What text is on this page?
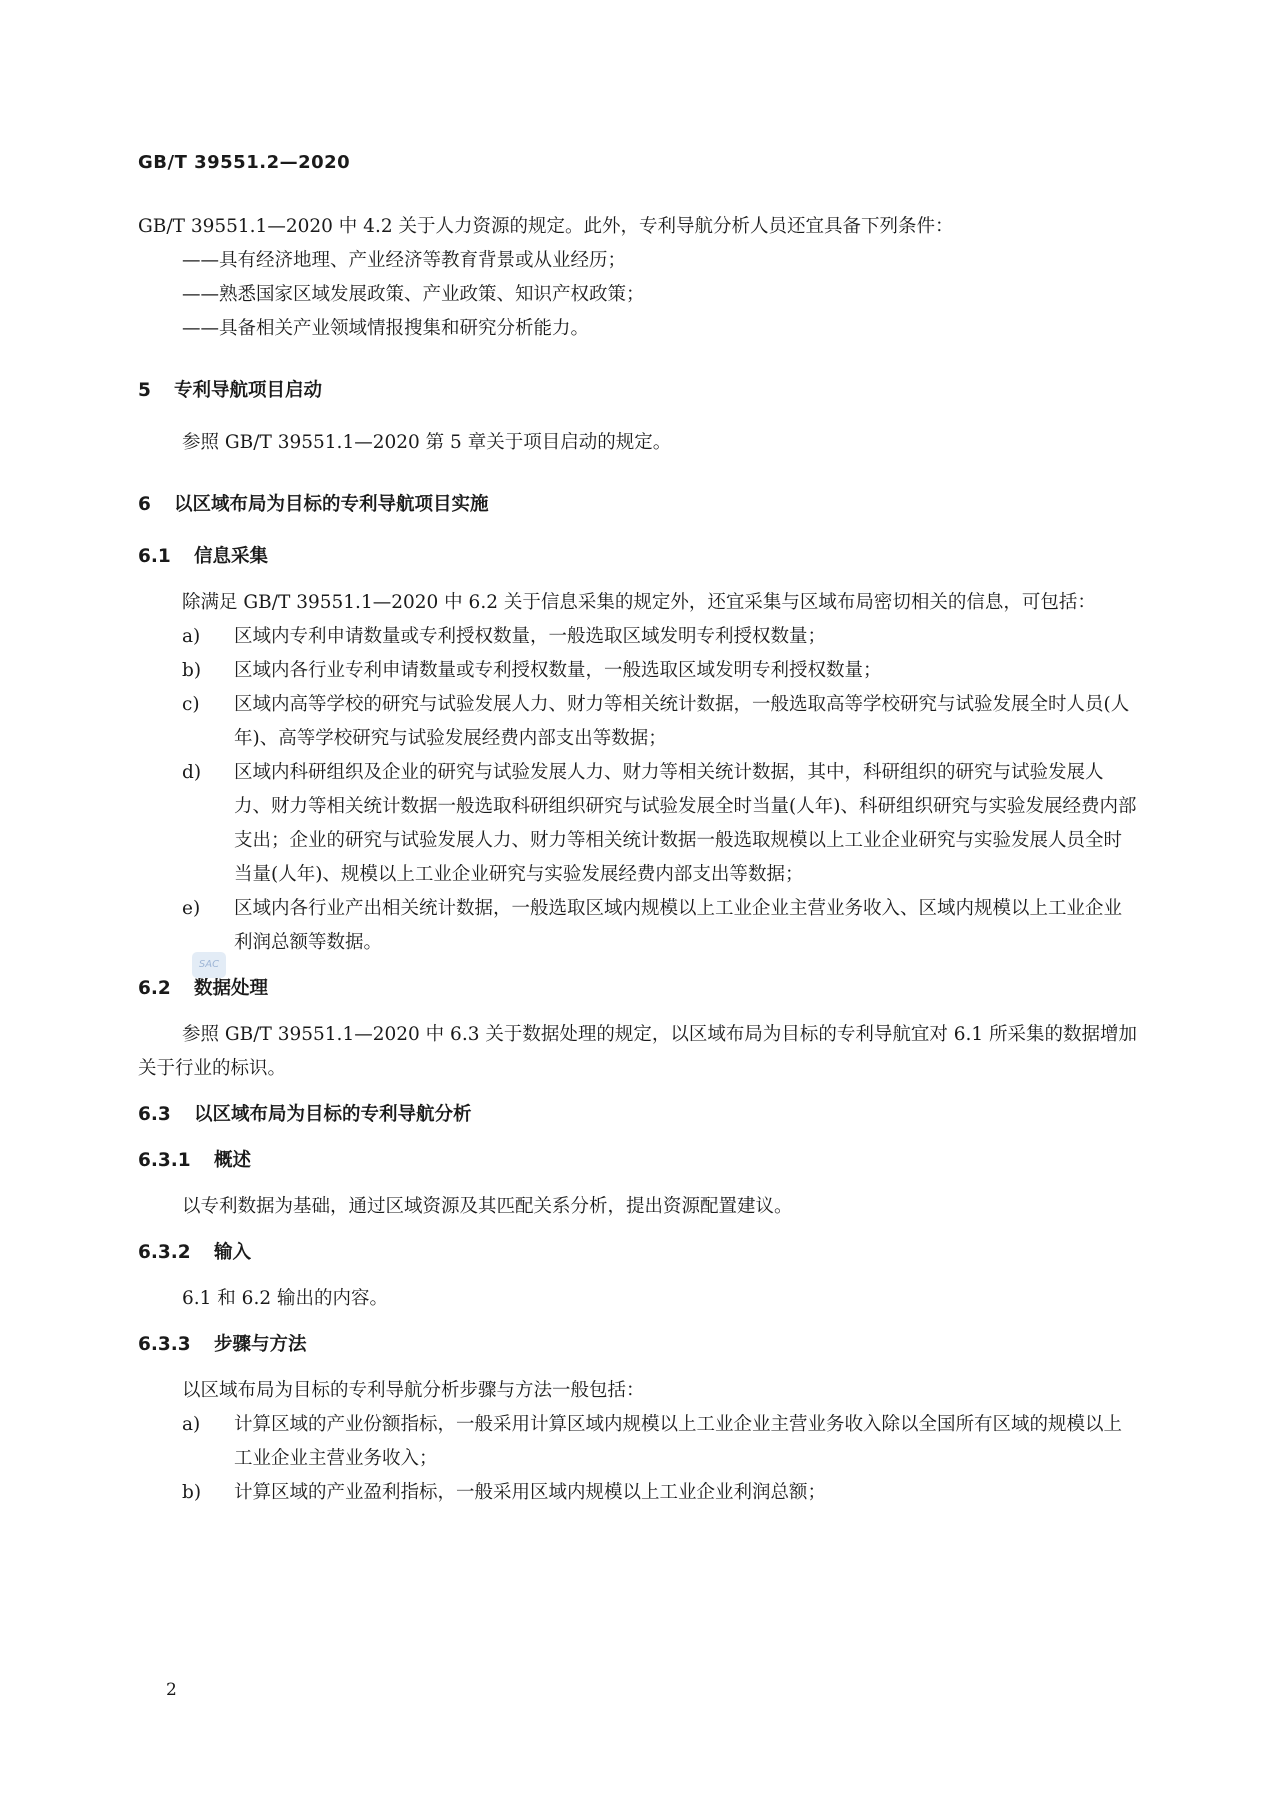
GB/T 39551.2—2020

GB/T 39551.1—2020 中 4.2 关于人力资源的规定。此外，专利导航分析人员还宜具备下列条件：

——具有经济地理、产业经济等教育背景或从业经历；

——熟悉国家区域发展政策、产业政策、知识产权政策；

——具备相关产业领域情报搜集和研究分析能力。

5 专利导航项目启动

参照 GB/T 39551.1—2020 第 5 章关于项目启动的规定。

6 以区域布局为目标的专利导航项目实施

6.1 信息采集

除满足 GB/T 39551.1—2020 中 6.2 关于信息采集的规定外，还宜采集与区域布局密切相关的信息，可包括：

a)	区域内专利申请数量或专利授权数量，一般选取区域发明专利授权数量；
b)	区域内各行业专利申请数量或专利授权数量，一般选取区域发明专利授权数量；
c)	区域内高等学校的研究与试验发展人力、财力等相关统计数据，一般选取高等学校研究与试验发展全时人员(人年)、高等学校研究与试验发展经费内部支出等数据；
d)	区域内科研组织及企业的研究与试验发展人力、财力等相关统计数据，其中，科研组织的研究与试验发展人力、财力等相关统计数据一般选取科研组织研究与试验发展全时当量(人年)、科研组织研究与实验发展经费内部支出；企业的研究与试验发展人力、财力等相关统计数据一般选取规模以上工业企业研究与实验发展人员全时当量(人年)、规模以上工业企业研究与实验发展经费内部支出等数据；
e)	区域内各行业产出相关统计数据，一般选取区域内规模以上工业企业主营业务收入、区域内规模以上工业企业利润总额等数据。

6.2 数据处理

参照 GB/T 39551.1—2020 中 6.3 关于数据处理的规定，以区域布局为目标的专利导航宜对 6.1 所采集的数据增加关于行业的标识。

6.3 以区域布局为目标的专利导航分析

6.3.1 概述

以专利数据为基础，通过区域资源及其匹配关系分析，提出资源配置建议。

6.3.2 输入

6.1 和 6.2 输出的内容。

6.3.3 步骤与方法

以区域布局为目标的专利导航分析步骤与方法一般包括：

a)	计算区域的产业份额指标，一般采用计算区域内规模以上工业企业主营业务收入除以全国所有区域的规模以上工业企业主营业务收入；
b)	计算区域的产业盈利指标，一般采用区域内规模以上工业企业利润总额；
SAC
2
